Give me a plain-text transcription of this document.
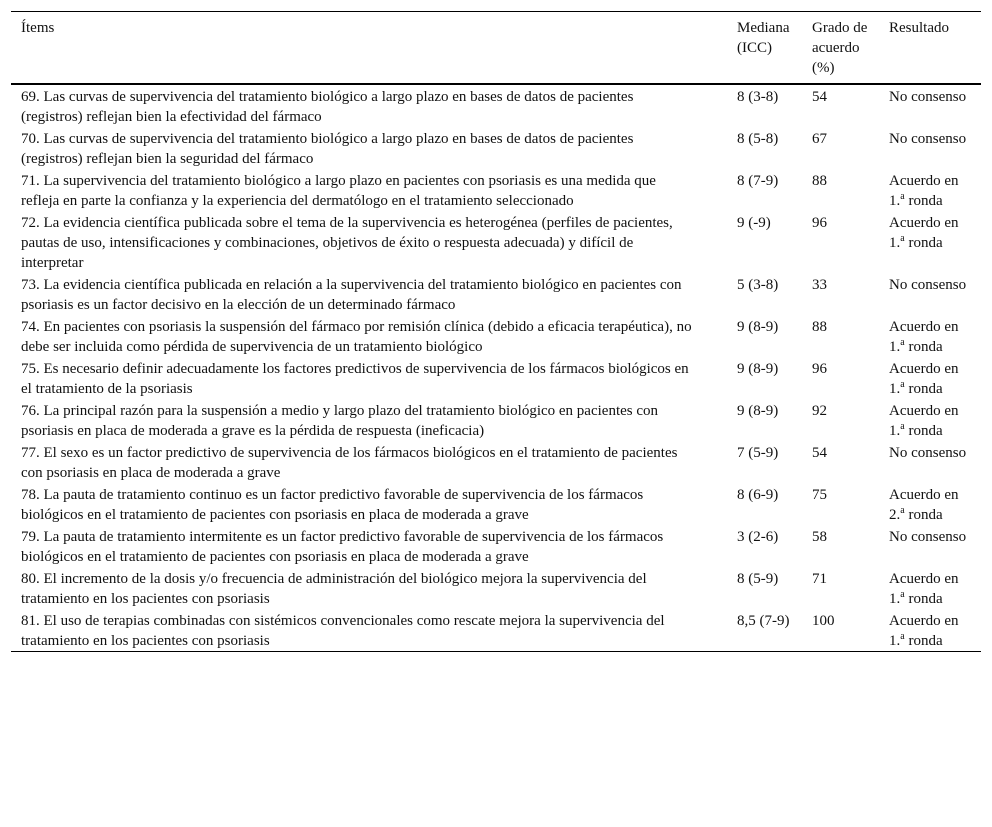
Ítems	Mediana (ICC)	Grado de acuerdo (%)	Resultado
69. Las curvas de supervivencia del tratamiento biológico a largo plazo en bases de datos de pacientes (registros) reflejan bien la efectividad del fármaco	8 (3-8)	54	No consenso
70. Las curvas de supervivencia del tratamiento biológico a largo plazo en bases de datos de pacientes (registros) reflejan bien la seguridad del fármaco	8 (5-8)	67	No consenso
71. La supervivencia del tratamiento biológico a largo plazo en pacientes con psoriasis es una medida que refleja en parte la confianza y la experiencia del dermatólogo en el tratamiento seleccionado	8 (7-9)	88	Acuerdo en 1.$^a$ ronda
72. La evidencia científica publicada sobre el tema de la supervivencia es heterogénea (perfiles de pacientes, pautas de uso, intensificaciones y combinaciones, objetivos de éxito o respuesta adecuada) y difícil de interpretar	9 (-9)	96	Acuerdo en 1.$^a$ ronda
73. La evidencia científica publicada en relación a la supervivencia del tratamiento biológico en pacientes con psoriasis es un factor decisivo en la elección de un determinado fármaco	5 (3-8)	33	No consenso
74. En pacientes con psoriasis la suspensión del fármaco por remisión clínica (debido a eficacia terapéutica), no debe ser incluida como pérdida de supervivencia de un tratamiento biológico	9 (8-9)	88	Acuerdo en 1.$^a$ ronda
75. Es necesario definir adecuadamente los factores predictivos de supervivencia de los fármacos biológicos en el tratamiento de la psoriasis	9 (8-9)	96	Acuerdo en 1.$^a$ ronda
76. La principal razón para la suspensión a medio y largo plazo del tratamiento biológico en pacientes con psoriasis en placa de moderada a grave es la pérdida de respuesta (ineficacia)	9 (8-9)	92	Acuerdo en 1.$^a$ ronda
77. El sexo es un factor predictivo de supervivencia de los fármacos biológicos en el tratamiento de pacientes con psoriasis en placa de moderada a grave	7 (5-9)	54	No consenso
78. La pauta de tratamiento continuo es un factor predictivo favorable de supervivencia de los fármacos biológicos en el tratamiento de pacientes con psoriasis en placa de moderada a grave	8 (6-9)	75	Acuerdo en 2.$^a$ ronda
79. La pauta de tratamiento intermitente es un factor predictivo favorable de supervivencia de los fármacos biológicos en el tratamiento de pacientes con psoriasis en placa de moderada a grave	3 (2-6)	58	No consenso
80. El incremento de la dosis y/o frecuencia de administración del biológico mejora la supervivencia del tratamiento en los pacientes con psoriasis	8 (5-9)	71	Acuerdo en 1.$^a$ ronda
81. El uso de terapias combinadas con sistémicos convencionales como rescate mejora la supervivencia del tratamiento en los pacientes con psoriasis	8,5 (7-9)	100	Acuerdo en 1.$^a$ ronda
